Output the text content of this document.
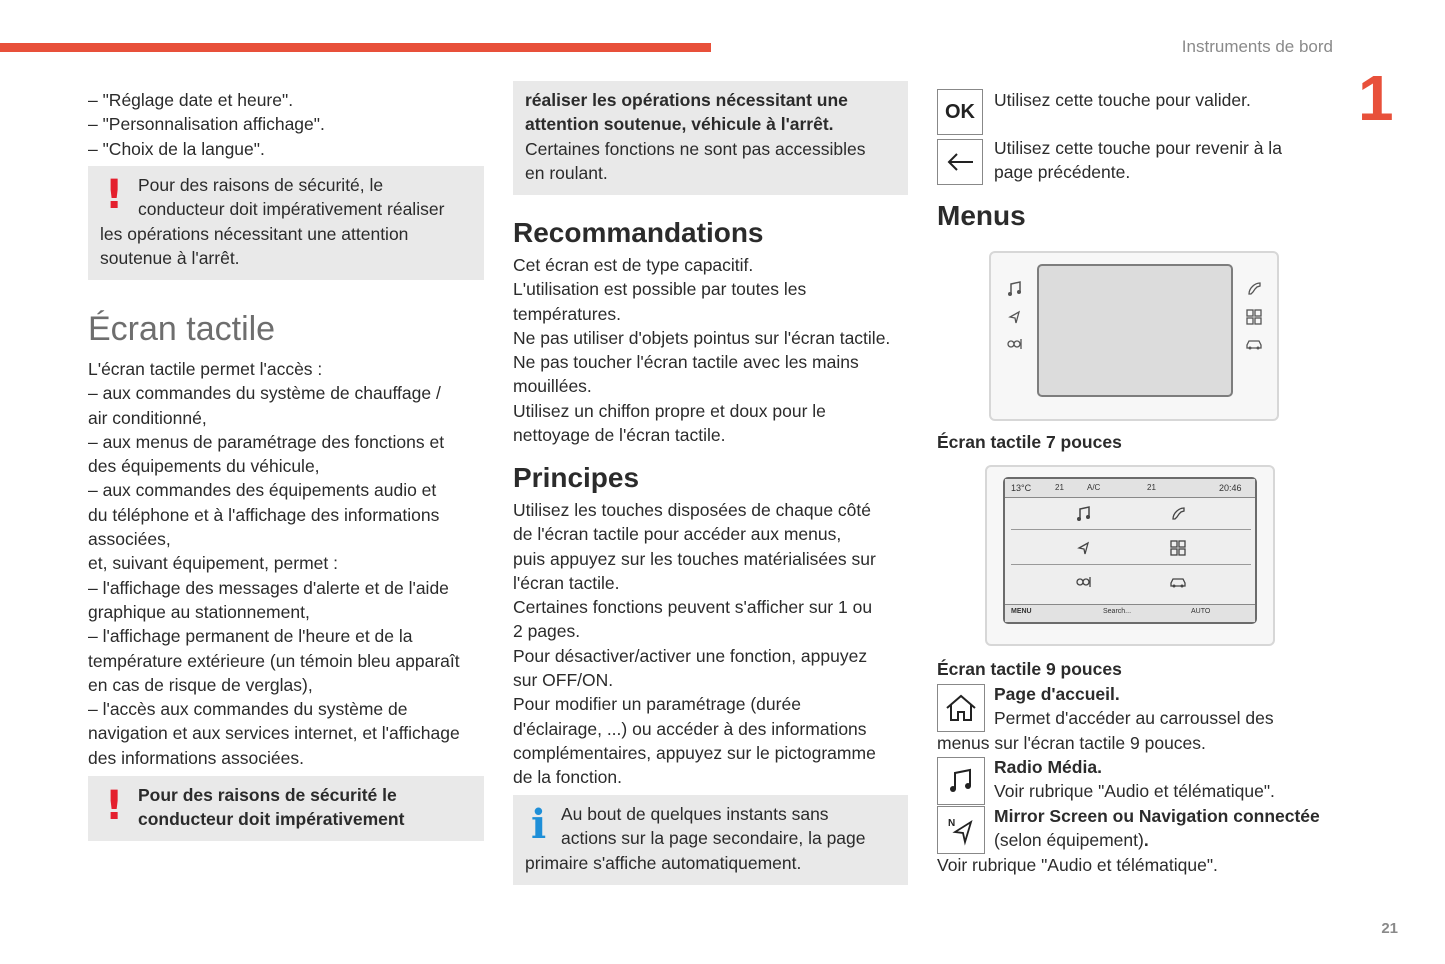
Instruments de bord
1
21

– "Réglage date et heure".

– "Personnalisation affichage".

– "Choix de la langue".

! Pour des raisons de sécurité, le

conducteur doit impérativement réaliser

les opérations nécessitant une attention

soutenue à l'arrêt.

Écran tactile

L'écran tactile permet l'accès :

– aux commandes du système de chauffage /

air conditionné,

– aux menus de paramétrage des fonctions et

des équipements du véhicule,

– aux commandes des équipements audio et

du téléphone et à l'affichage des informations

associées,

et, suivant équipement, permet :

– l'affichage des messages d'alerte et de l'aide

graphique au stationnement,

– l'affichage permanent de l'heure et de la

température extérieure (un témoin bleu apparaît

en cas de risque de verglas),

– l'accès aux commandes du système de

navigation et aux services internet, et l'affichage

des informations associées.

! Pour des raisons de sécurité le

conducteur doit impérativement

réaliser les opérations nécessitant une

attention soutenue, véhicule à l'arrêt.

Certaines fonctions ne sont pas accessibles

en roulant.

Recommandations

Cet écran est de type capacitif.

L'utilisation est possible par toutes les

températures.

Ne pas utiliser d'objets pointus sur l'écran tactile.

Ne pas toucher l'écran tactile avec les mains

mouillées.

Utilisez un chiffon propre et doux pour le

nettoyage de l'écran tactile.

Principes

Utilisez les touches disposées de chaque côté

de l'écran tactile pour accéder aux menus,

puis appuyez sur les touches matérialisées sur

l'écran tactile.

Certaines fonctions peuvent s'afficher sur 1 ou

2 pages.

Pour désactiver/activer une fonction, appuyez

sur OFF/ON.

Pour modifier un paramétrage (durée

d'éclairage, ...) ou accéder à des informations

complémentaires, appuyez sur le pictogramme

de la fonction.

i Au bout de quelques instants sans

actions sur la page secondaire, la page

primaire s'affiche automatiquement.

OK
Utilisez cette touche pour valider.

Utilisez cette touche pour revenir à la

page précédente.

Menus
Écran tactile 7 pouces
13°C	21	A/C	21	20:46
MENU	Search...	AUTO
Écran tactile 9 pouces

Page d'accueil.

Permet d'accéder au carroussel des

menus sur l'écran tactile 9 pouces.

Radio Média.

Voir rubrique "Audio et télématique".

N Mirror Screen ou Navigation connectée

(selon équipement).

Voir rubrique "Audio et télématique".
